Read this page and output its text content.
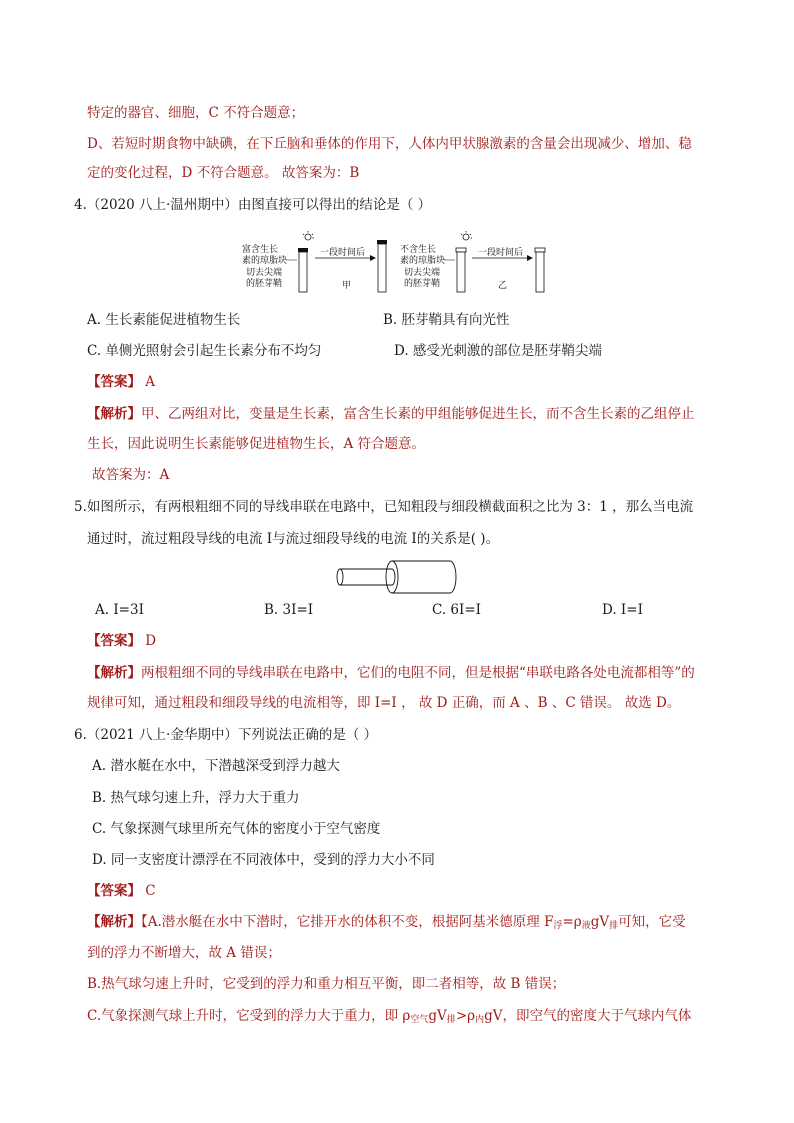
特定的器官、细胞，C 不符合题意；
D、若短时期食物中缺碘，在下丘脑和垂体的作用下，人体内甲状腺激素的含量会出现减少、增加、稳
定的变化过程，D 不符合题意。 故答案为：B
4.（2020 八上·温州期中）由图直接可以得出的结论是（ ）
富含生长
素的琼脂块
切去尖端
的胚芽鞘
一段时间后
甲
不含生长
素的琼脂块
切去尖端
的胚芽鞘
一段时间后
乙
A. 生长素能促进植物生长	B. 胚芽鞘具有向光性
C. 单侧光照射会引起生长素分布不均匀	D. 感受光刺激的部位是胚芽鞘尖端
【答案】 A
【解析】甲、乙两组对比，变量是生长素，富含生长素的甲组能够促进生长，而不含生长素的乙组停止
生长，因此说明生长素能够促进植物生长，A 符合题意。
故答案为：A
5.如图所示，有两根粗细不同的导线串联在电路中，已知粗段与细段横截面积之比为 3：1 ，那么当电流
通过时，流过粗段导线的电流 I与流过细段导线的电流 I的关系是( )。
A. I=3I	B. 3I=I	C. 6I=I	D. I=I
【答案】 D
【解析】两根粗细不同的导线串联在电路中，它们的电阻不同，但是根据“串联电路各处电流都相等”的
规律可知，通过粗段和细段导线的电流相等，即 I=I ， 故 D 正确，而 A 、B 、C 错误。 故选 D。
6.（2021 八上·金华期中）下列说法正确的是（ ）
A. 潜水艇在水中，下潜越深受到浮力越大
B. 热气球匀速上升，浮力大于重力
C. 气象探测气球里所充气体的密度小于空气密度
D. 同一支密度计漂浮在不同液体中，受到的浮力大小不同
【答案】 C
【解析】【A.潜水艇在水中下潜时，它排开水的体积不变，根据阿基米德原理 $F_浮=\rho_液gV_排$可知，它受
到的浮力不断增大，故 A 错误；
B.热气球匀速上升时，它受到的浮力和重力相互平衡，即二者相等，故 B 错误；
C.气象探测气球上升时，它受到的浮力大于重力，即 $\rho_{空气}gV_排>\rho_内gV$，即空气的密度大于气球内气体
